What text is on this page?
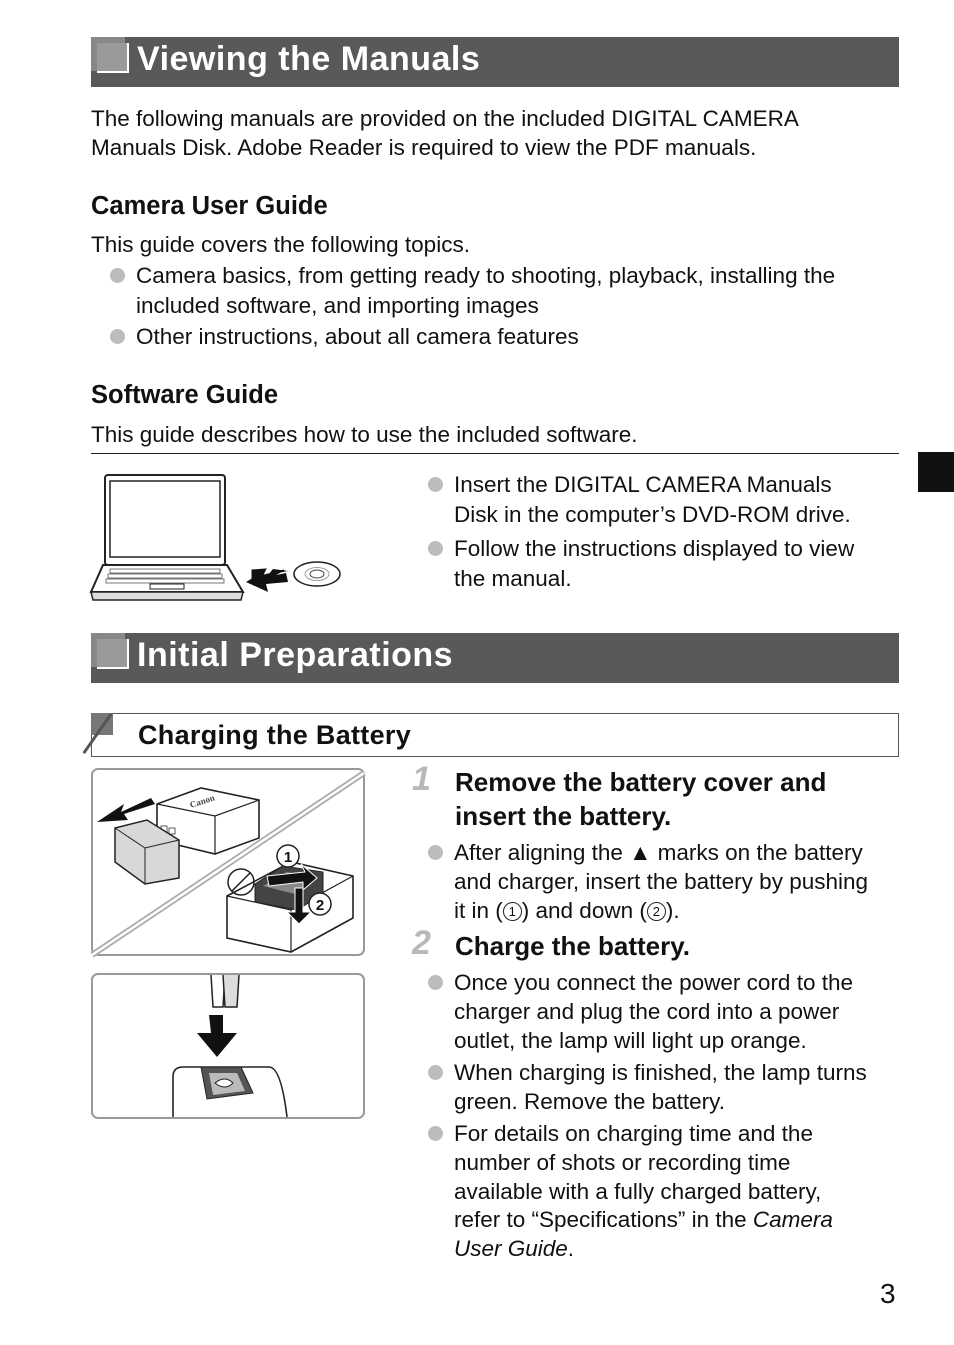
Viewing the Manuals

The following manuals are provided on the included DIGITAL CAMERA

Manuals Disk. Adobe Reader is required to view the PDF manuals.

Camera User Guide

This guide covers the following topics.

Camera basics, from getting ready to shooting, playback, installing the
included software, and importing images
Other instructions, about all camera features
Software Guide

This guide describes how to use the included software.

Insert the DIGITAL CAMERA Manuals
Disk in the computer’s DVD-ROM drive.
Follow the instructions displayed to view
the manual.
Initial Preparations
Charging the Battery
Canon
1
2
1 Remove the battery cover and
insert the battery.
After aligning the ▲ marks on the battery
and charger, insert the battery by pushing
it in ( 1 ) and down ( 2 ).
2 Charge the battery.
Once you connect the power cord to the
charger and plug the cord into a power
outlet, the lamp will light up orange.
When charging is finished, the lamp turns
green. Remove the battery.
For details on charging time and the
number of shots or recording time
available with a fully charged battery,
refer to “Specifications” in the Camera
User Guide.
3
